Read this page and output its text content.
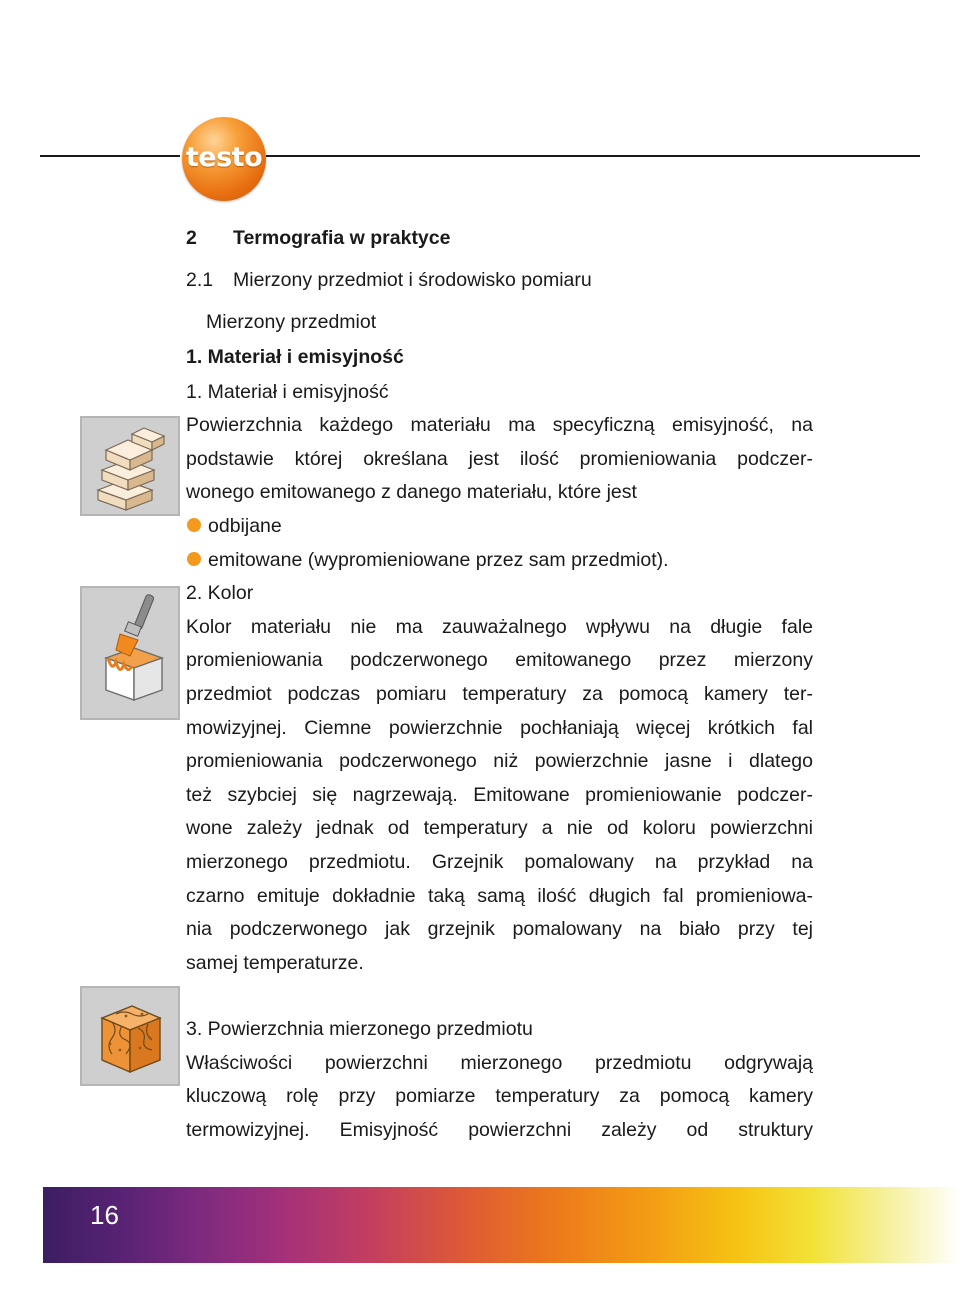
testo
2 Termografia w praktyce
2.1 Mierzony przedmiot i środowisko pomiaru
Mierzony przedmiot
1. Materiał i emisyjność
1. Materiał i emisyjność
Powierzchnia każdego materiału ma specyficzną emisyjność, na
podstawie której określana jest ilość promieniowania podczer-
wonego emitowanego z danego materiału, które jest
odbijane
emitowane (wypromieniowane przez sam przedmiot).
2. Kolor
Kolor materiału nie ma zauważalnego wpływu na długie fale
promieniowania podczerwonego emitowanego przez mierzony
przedmiot podczas pomiaru temperatury za pomocą kamery ter-
mowizyjnej. Ciemne powierzchnie pochłaniają więcej krótkich fal
promieniowania podczerwonego niż powierzchnie jasne i dlatego
też szybciej się nagrzewają. Emitowane promieniowanie podczer-
wone zależy jednak od temperatury a nie od koloru powierzchni
mierzonego przedmiotu. Grzejnik pomalowany na przykład na
czarno emituje dokładnie taką samą ilość długich fal promieniowa-
nia podczerwonego jak grzejnik pomalowany na biało przy tej
samej temperaturze.
3. Powierzchnia mierzonego przedmiotu
Właściwości powierzchni mierzonego przedmiotu odgrywają
kluczową rolę przy pomiarze temperatury za pomocą kamery
termowizyjnej. Emisyjność powierzchni zależy od struktury
16
